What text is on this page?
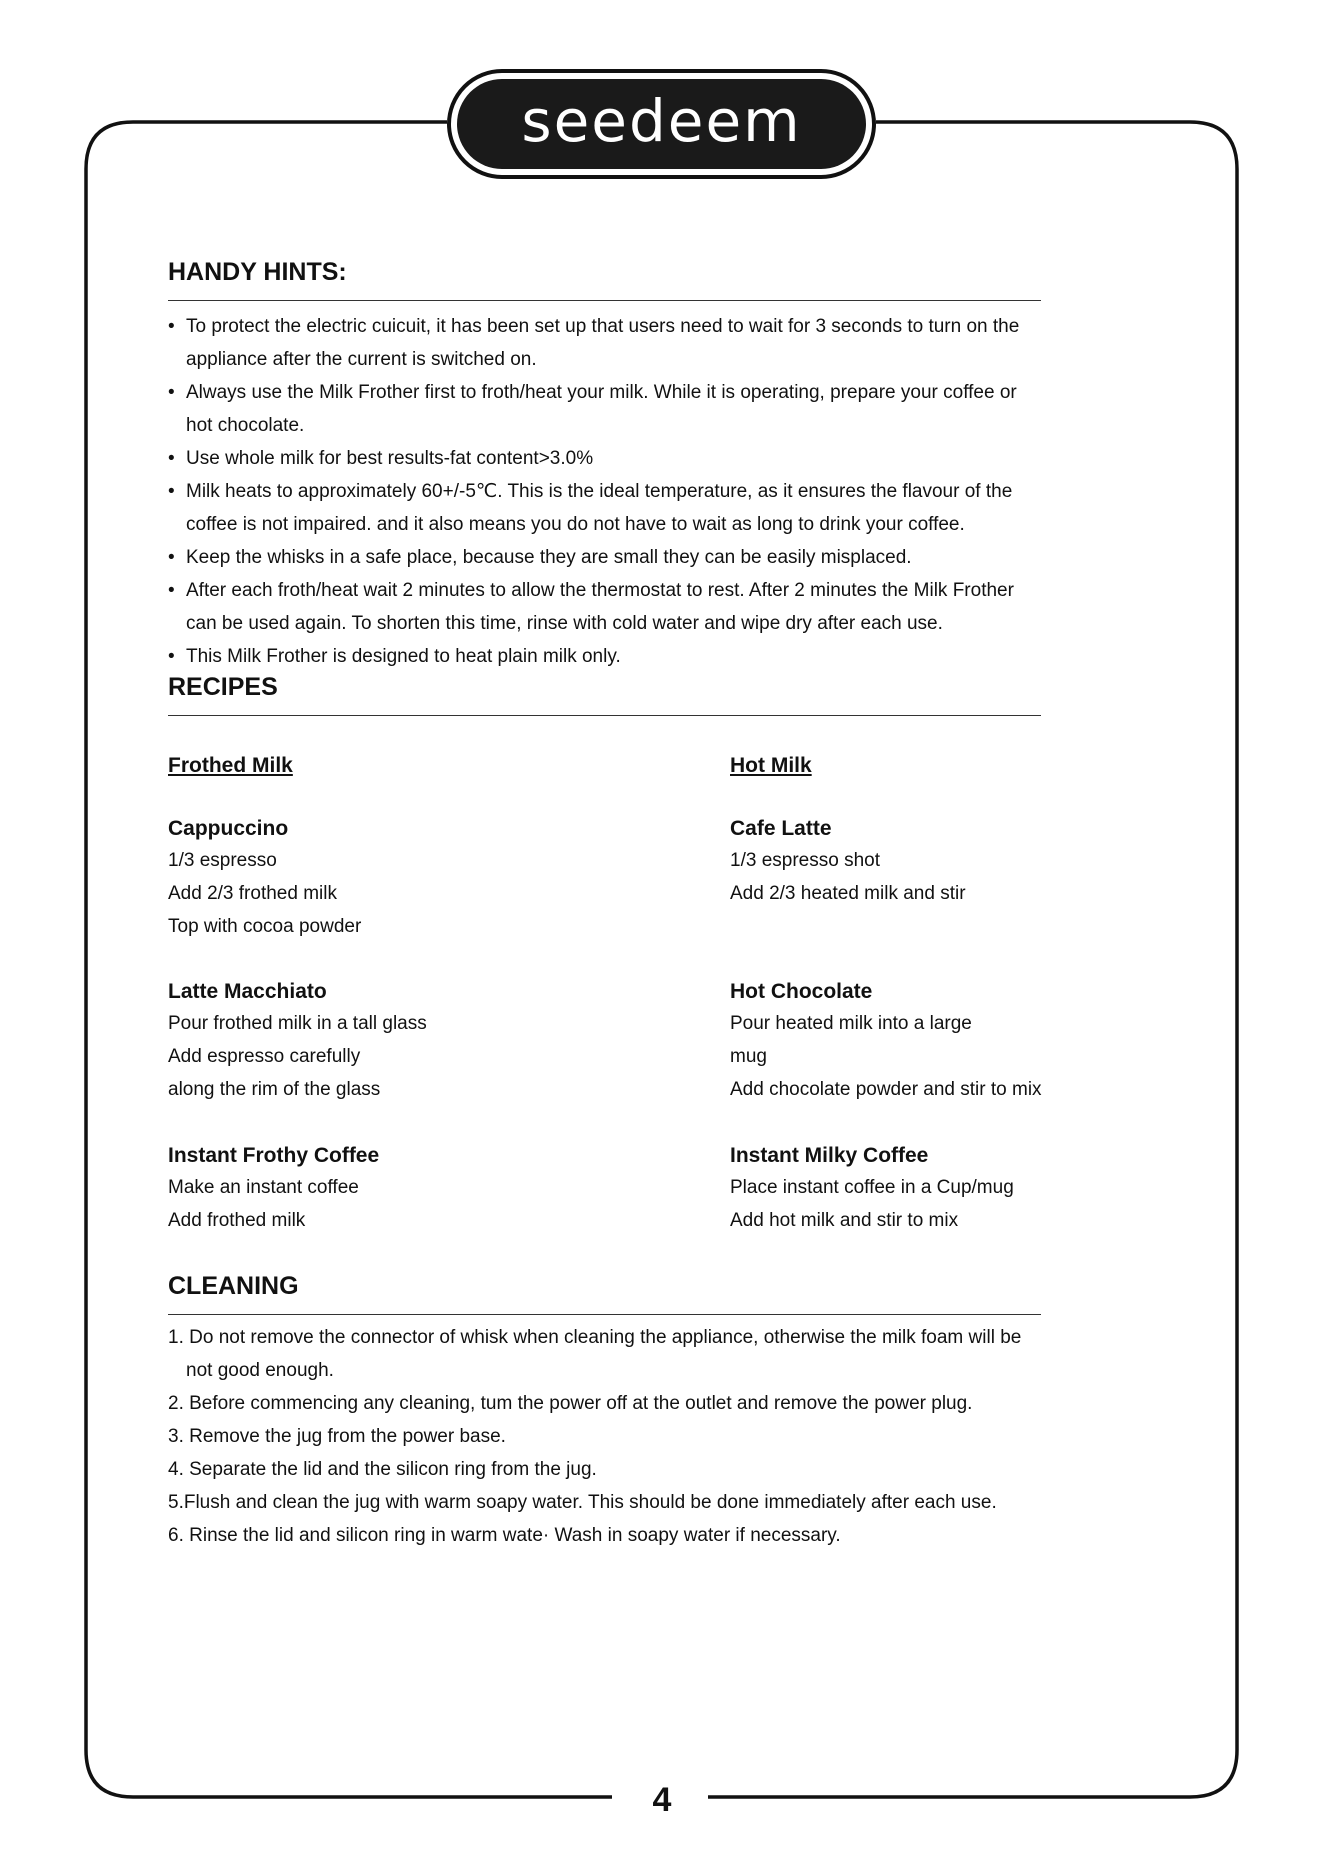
seedeem
HANDY HINTS:
• To protect the electric cuicuit, it has been set up that users need to wait for 3 seconds to turn on the appliance after the current is switched on.
• Always use the Milk Frother first to froth/heat your milk. While it is operating, prepare your coffee or hot chocolate.
• Use whole milk for best results-fat content>3.0%
• Milk heats to approximately 60+/-5℃. This is the ideal temperature, as it ensures the flavour of the coffee is not impaired. and it also means you do not have to wait as long to drink your coffee.
• Keep the whisks in a safe place, because they are small they can be easily misplaced.
• After each froth/heat wait 2 minutes to allow the thermostat to rest. After 2 minutes the Milk Frother can be used again. To shorten this time, rinse with cold water and wipe dry after each use.
• This Milk Frother is designed to heat plain milk only.
RECIPES

Frothed Milk

Cappuccino

1/3 espresso

Add 2/3 frothed milk

Top with cocoa powder

Latte Macchiato

Pour frothed milk in a tall glass

Add espresso carefully

along the rim of the glass

Instant Frothy Coffee

Make an instant coffee

Add frothed milk

Hot Milk

Cafe Latte

1/3 espresso shot

Add 2/3 heated milk and stir

Hot Chocolate

Pour heated milk into a large

mug

Add chocolate powder and stir to mix

Instant Milky Coffee

Place instant coffee in a Cup/mug

Add hot milk and stir to mix

CLEANING
1. Do not remove the connector of whisk when cleaning the appliance, otherwise the milk foam will be not good enough.
2. Before commencing any cleaning, tum the power off at the outlet and remove the power plug.
3. Remove the jug from the power base.
4. Separate the lid and the silicon ring from the jug.
5.Flush and clean the jug with warm soapy water. This should be done immediately after each use.
6. Rinse the lid and silicon ring in warm wate· Wash in soapy water if necessary.
4
